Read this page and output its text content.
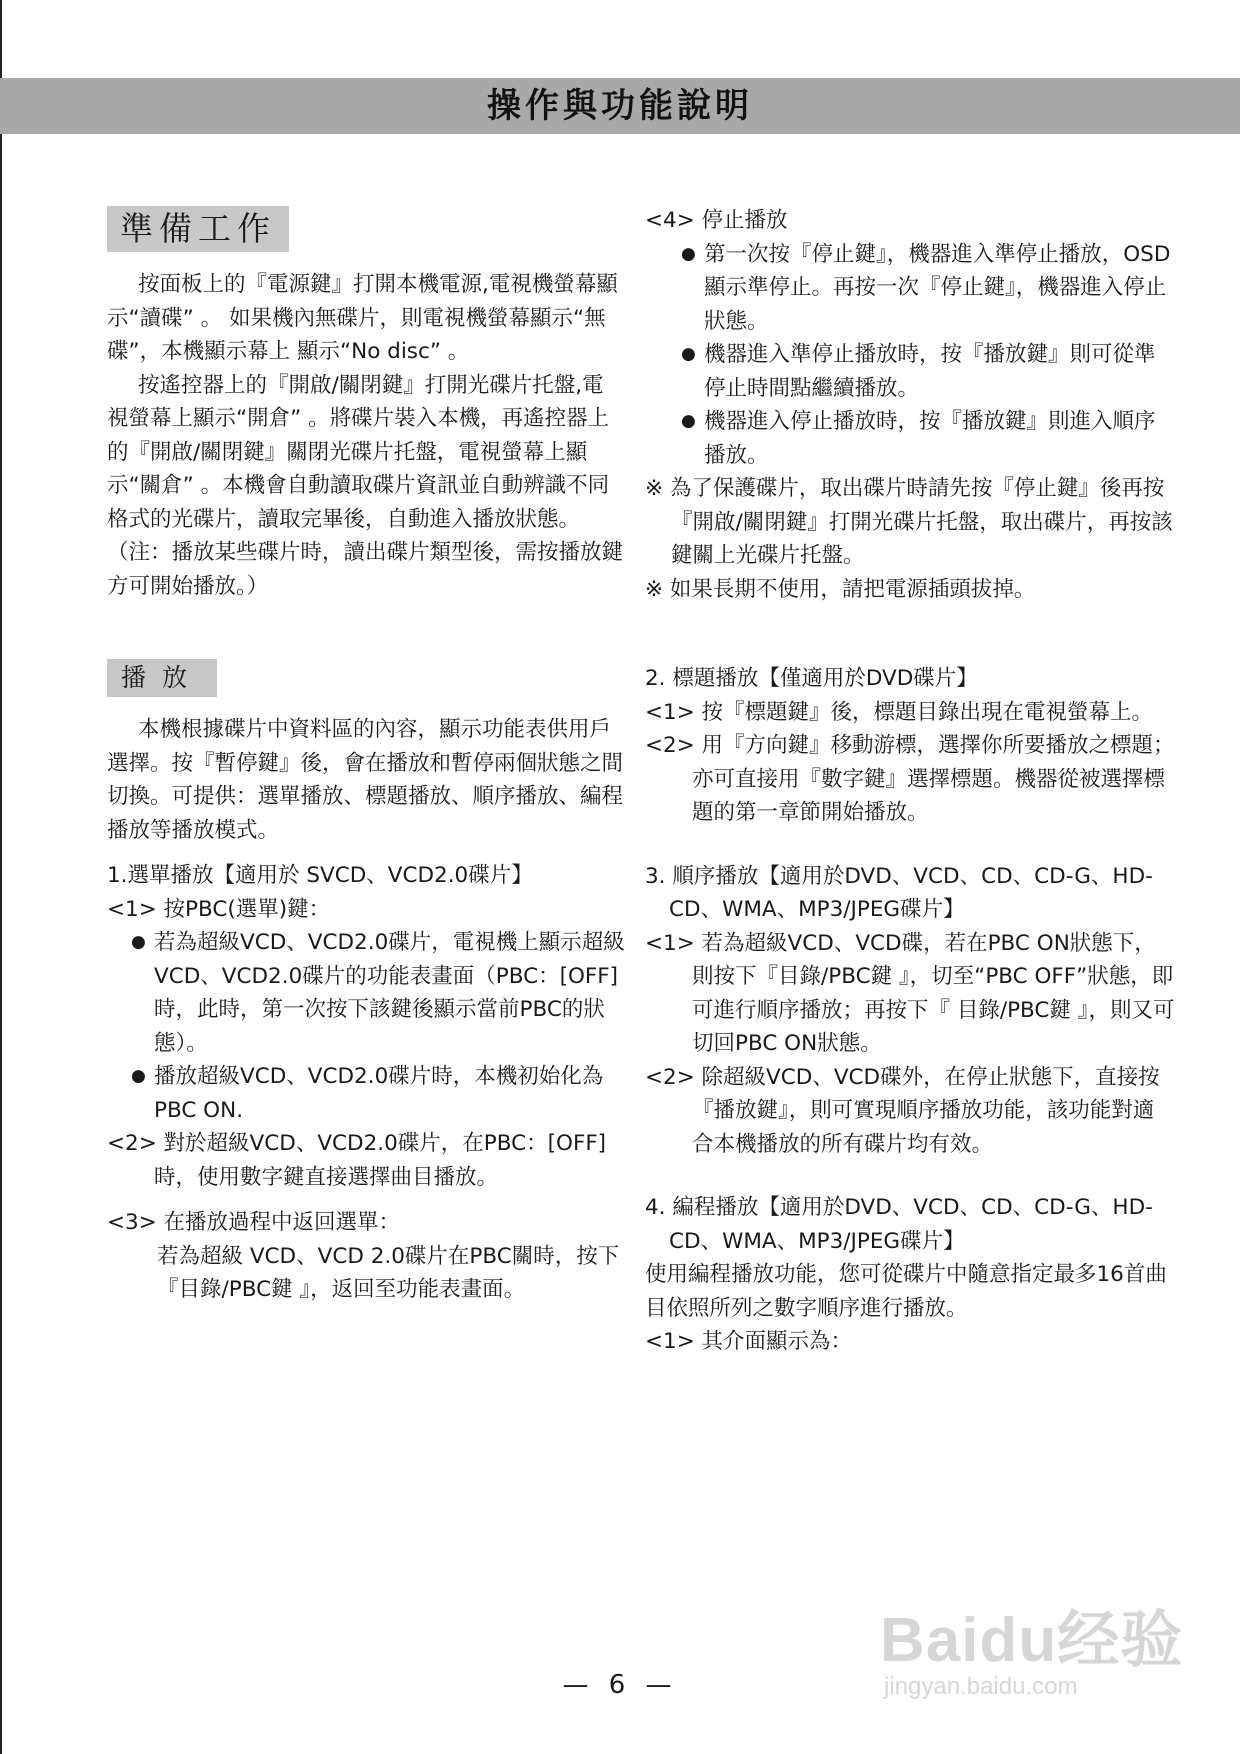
操作與功能說明
準備工作

按面板上的『電源鍵』打開本機電源,電視機螢幕顯示“讀碟” 。 如果機內無碟片，則電視機螢幕顯示“無碟”，本機顯示幕上 顯示“No disc” 。

按遙控器上的『開啟/關閉鍵』打開光碟片托盤,電視螢幕上顯示“開倉” 。將碟片裝入本機，再遙控器上的『開啟/關閉鍵』關閉光碟片托盤，電視螢幕上顯示“關倉” 。本機會自動讀取碟片資訊並自動辨識不同格式的光碟片，讀取完畢後，自動進入播放狀態。

（注：播放某些碟片時，讀出碟片類型後，需按播放鍵方可開始播放。）

播放

本機根據碟片中資料區的內容，顯示功能表供用戶選擇。按『暫停鍵』後，會在播放和暫停兩個狀態之間切換。可提供：選單播放、標題播放、順序播放、編程播放等播放模式。

1.選單播放【適用於 SVCD、VCD2.0碟片】

<1> 按PBC(選單)鍵：

● 若為超級VCD、VCD2.0碟片，電視機上顯示超級VCD、VCD2.0碟片的功能表畫面（PBC：[OFF]時，此時，第一次按下該鍵後顯示當前PBC的狀態）。

● 播放超級VCD、VCD2.0碟片時，本機初始化為PBC ON.

<2> 對於超級VCD、VCD2.0碟片，在PBC：[OFF]時，使用數字鍵直接選擇曲目播放。

<3> 在播放過程中返回選單：

若為超級 VCD、VCD 2.0碟片在PBC關時，按下『目錄/PBC鍵 』，返回至功能表畫面。

<4> 停止播放

● 第一次按『停止鍵』，機器進入準停止播放，OSD顯示準停止。再按一次『停止鍵』，機器進入停止狀態。

● 機器進入準停止播放時，按『播放鍵』則可從準停止時間點繼續播放。

● 機器進入停止播放時，按『播放鍵』則進入順序播放。

※ 為了保護碟片，取出碟片時請先按『停止鍵』後再按『開啟/關閉鍵』打開光碟片托盤，取出碟片，再按該鍵關上光碟片托盤。

※ 如果長期不使用，請把電源插頭拔掉。

2. 標題播放【僅適用於DVD碟片】

<1> 按『標題鍵』後，標題目錄出現在電視螢幕上。

<2> 用『方向鍵』移動游標，選擇你所要播放之標題；亦可直接用『數字鍵』選擇標題。機器從被選擇標題的第一章節開始播放。

3. 順序播放【適用於DVD、VCD、CD、CD-G、HD-CD、WMA、MP3/JPEG碟片】

<1> 若為超級VCD、VCD碟，若在PBC ON狀態下，則按下『目錄/PBC鍵 』，切至“PBC OFF”狀態，即可進行順序播放；再按下『 目錄/PBC鍵 』，則又可切回PBC ON狀態。

<2> 除超級VCD、VCD碟外，在停止狀態下，直接按『播放鍵』，則可實現順序播放功能，該功能對適合本機播放的所有碟片均有效。

4. 編程播放【適用於DVD、VCD、CD、CD-G、HD-CD、WMA、MP3/JPEG碟片】

使用編程播放功能，您可從碟片中隨意指定最多16首曲目依照所列之數字順序進行播放。

<1> 其介面顯示為：

Baidu经验
jingyan.baidu.com
— 6 —
